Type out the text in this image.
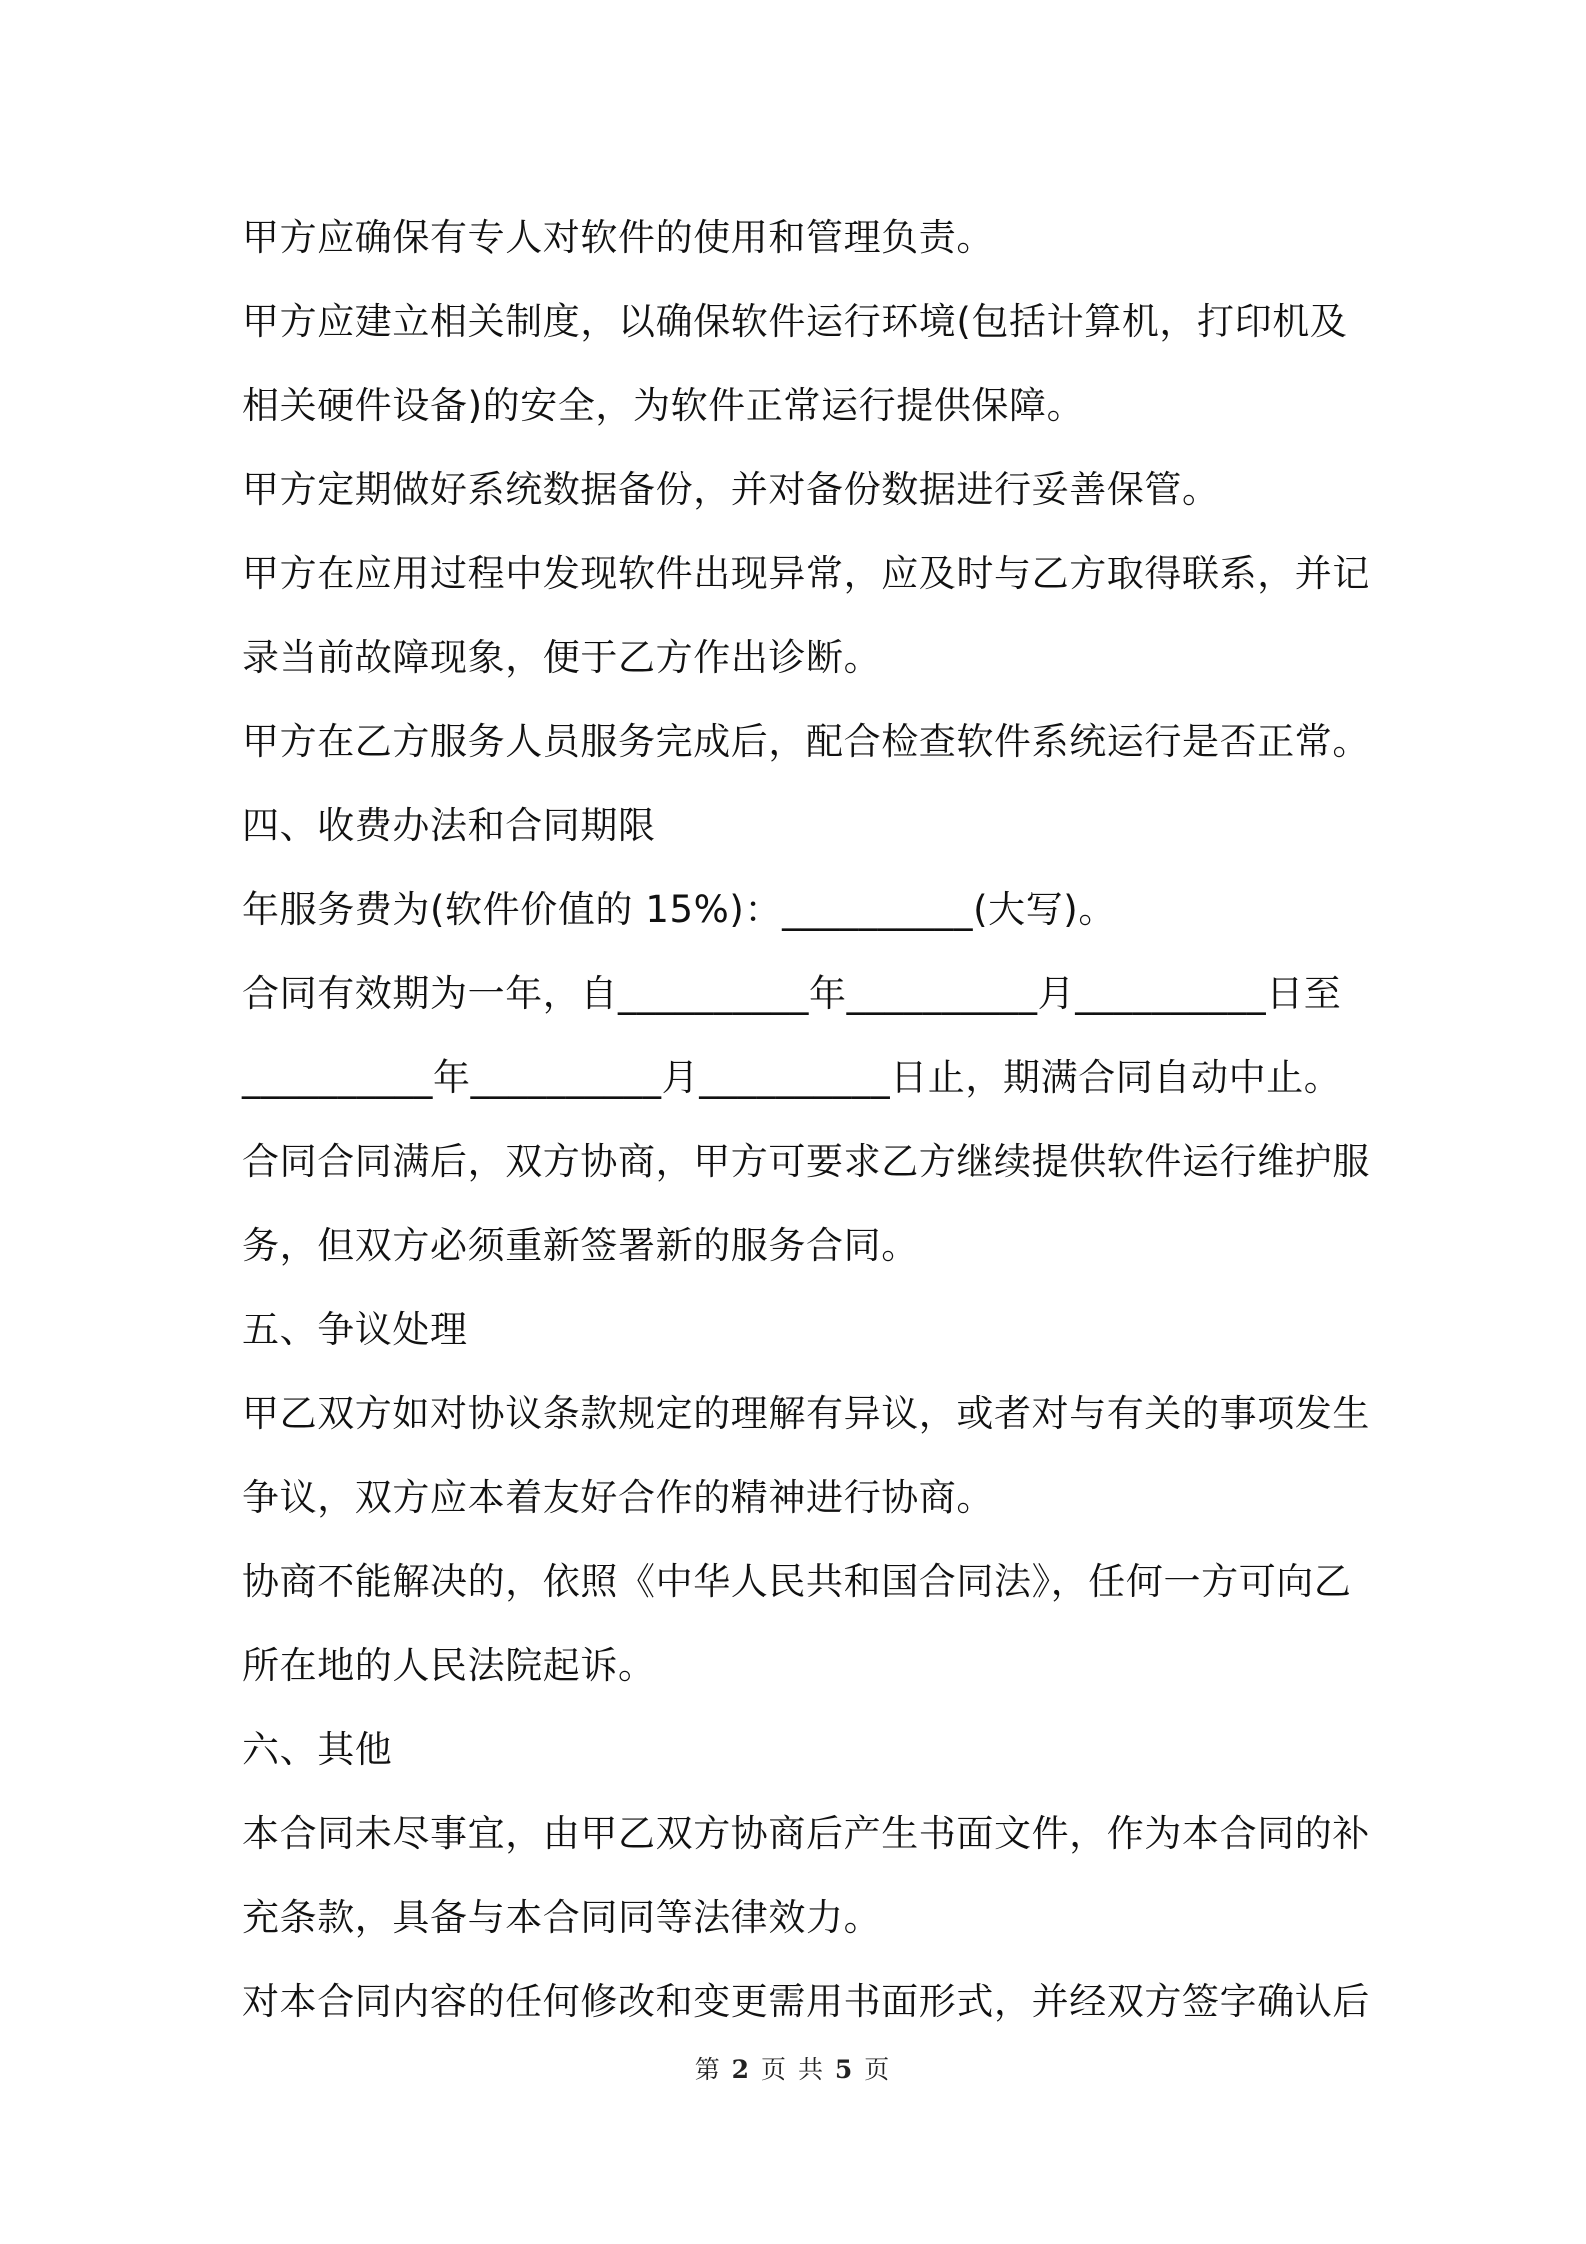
甲方应确保有专人对软件的使用和管理负责。
甲方应建立相关制度，以确保软件运行环境(包括计算机，打印机及
相关硬件设备)的安全，为软件正常运行提供保障。
甲方定期做好系统数据备份，并对备份数据进行妥善保管。
甲方在应用过程中发现软件出现异常，应及时与乙方取得联系，并记
录当前故障现象，便于乙方作出诊断。
甲方在乙方服务人员服务完成后，配合检查软件系统运行是否正常。
四、收费办法和合同期限
年服务费为(软件价值的 15%)：__________(大写)。
合同有效期为一年，自__________年__________月__________日至
__________年__________月__________日止，期满合同自动中止。
合同合同满后，双方协商，甲方可要求乙方继续提供软件运行维护服
务，但双方必须重新签署新的服务合同。
五、争议处理
甲乙双方如对协议条款规定的理解有异议，或者对与有关的事项发生
争议，双方应本着友好合作的精神进行协商。
协商不能解决的，依照《中华人民共和国合同法》，任何一方可向乙
所在地的人民法院起诉。
六、其他
本合同未尽事宜，由甲乙双方协商后产生书面文件，作为本合同的补
充条款，具备与本合同同等法律效力。
对本合同内容的任何修改和变更需用书面形式，并经双方签字确认后
第 2 页 共 5 页
